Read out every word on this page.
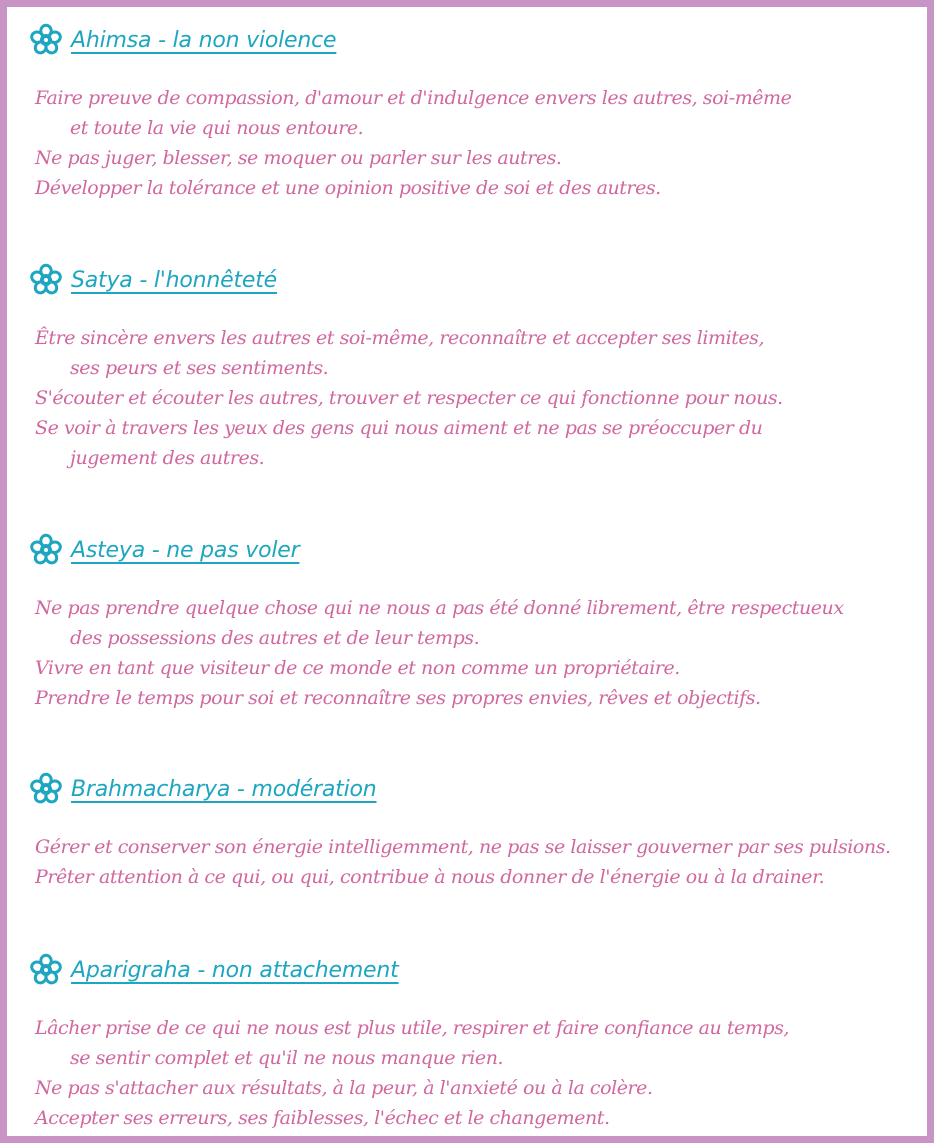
Ahimsa - la non violence
Faire preuve de compassion, d'amour et d'indulgence envers les autres, soi-même
et toute la vie qui nous entoure.
Ne pas juger, blesser, se moquer ou parler sur les autres.
Développer la tolérance et une opinion positive de soi et des autres.
Satya - l'honnêteté
Être sincère envers les autres et soi-même, reconnaître et accepter ses limites,
ses peurs et ses sentiments.
S'écouter et écouter les autres, trouver et respecter ce qui fonctionne pour nous.
Se voir à travers les yeux des gens qui nous aiment et ne pas se préoccuper du
jugement des autres.
Asteya - ne pas voler
Ne pas prendre quelque chose qui ne nous a pas été donné librement, être respectueux
des possessions des autres et de leur temps.
Vivre en tant que visiteur de ce monde et non comme un propriétaire.
Prendre le temps pour soi et reconnaître ses propres envies, rêves et objectifs.
Brahmacharya - modération
Gérer et conserver son énergie intelligemment, ne pas se laisser gouverner par ses pulsions.
Prêter attention à ce qui, ou qui, contribue à nous donner de l'énergie ou à la drainer.
Aparigraha - non attachement
Lâcher prise de ce qui ne nous est plus utile, respirer et faire confiance au temps,
se sentir complet et qu'il ne nous manque rien.
Ne pas s'attacher aux résultats, à la peur, à l'anxieté ou à la colère.
Accepter ses erreurs, ses faiblesses, l'échec et le changement.
